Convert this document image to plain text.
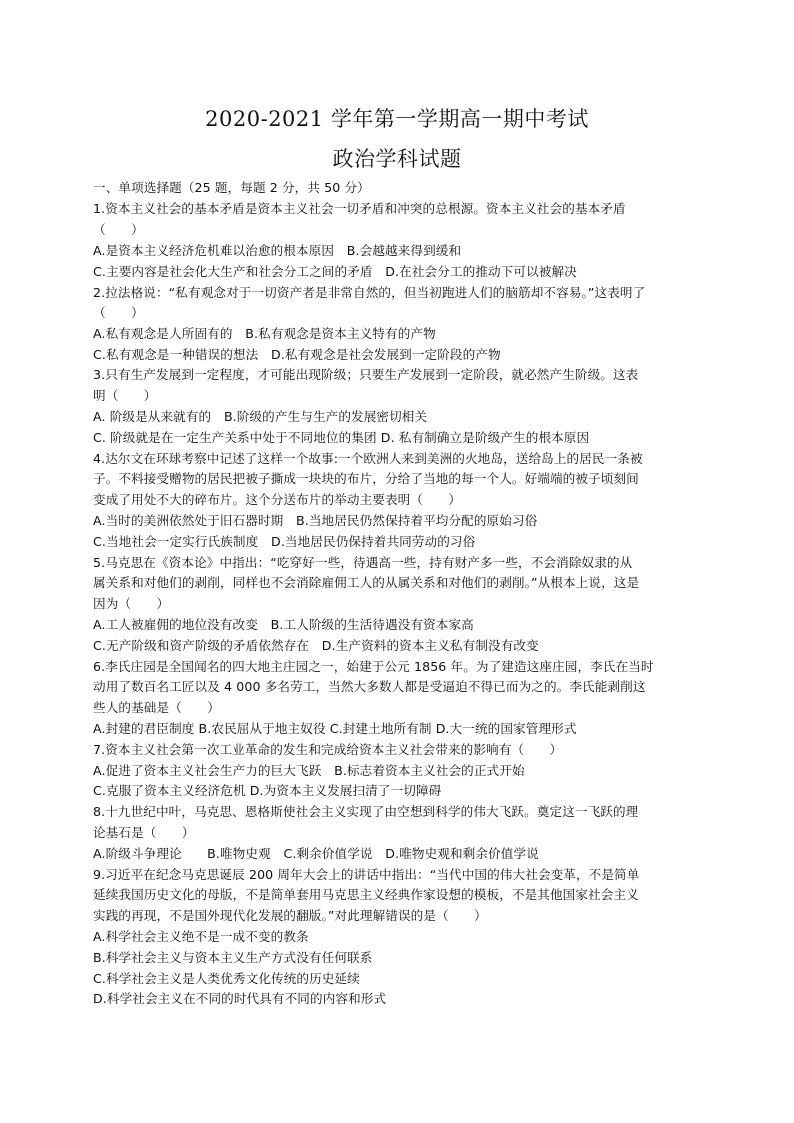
2020-2021 学年第一学期高一期中考试
政治学科试题
一、单项选择题（25 题，每题 2 分，共 50 分）
1.资本主义社会的基本矛盾是资本主义社会一切矛盾和冲突的总根源。资本主义社会的基本矛盾
（　　）
A.是资本主义经济危机难以治愈的根本原因　B.会越越来得到缓和
C.主要内容是社会化大生产和社会分工之间的矛盾　D.在社会分工的推动下可以被解决
2.拉法格说：“私有观念对于一切资产者是非常自然的，但当初跑进人们的脑筋却不容易。”这表明了
（　　）
A.私有观念是人所固有的　B.私有观念是资本主义特有的产物
C.私有观念是一种错误的想法　D.私有观念是社会发展到一定阶段的产物
3.只有生产发展到一定程度，才可能出现阶级；只要生产发展到一定阶段，就必然产生阶级。这表
明（　　）
A. 阶级是从来就有的　B.阶级的产生与生产的发展密切相关
C. 阶级就是在一定生产关系中处于不同地位的集团 D. 私有制确立是阶级产生的根本原因
4.达尔文在环球考察中记述了这样一个故事:一个欧洲人来到美洲的火地岛，送给岛上的居民一条被
子。不料接受赠物的居民把被子撕成一块块的布片，分给了当地的每一个人。好端端的被子顷刻间
变成了用处不大的碎布片。这个分送布片的举动主要表明（　　）
A.当时的美洲依然处于旧石器时期　B.当地居民仍然保持着平均分配的原始习俗
C.当地社会一定实行氏族制度　D.当地居民仍保持着共同劳动的习俗
5.马克思在《资本论》中指出：“吃穿好一些，待遇高一些，持有财产多一些，不会消除奴隶的从
属关系和对他们的剥削，同样也不会消除雇佣工人的从属关系和对他们的剥削。”从根本上说，这是
因为（　　）
A.工人被雇佣的地位没有改变　B.工人阶级的生活待遇没有资本家高
C.无产阶级和资产阶级的矛盾依然存在　D.生产资料的资本主义私有制没有改变
6.李氏庄园是全国闻名的四大地主庄园之一，始建于公元 1856 年。为了建造这座庄园，李氏在当时
动用了数百名工匠以及 4 000 多名劳工，当然大多数人都是受逼迫不得已而为之的。李氏能剥削这
些人的基础是（　　）
A.封建的君臣制度 B.农民屈从于地主奴役 C.封建土地所有制 D.大一统的国家管理形式
7.资本主义社会第一次工业革命的发生和完成给资本主义社会带来的影响有（　　）
A.促进了资本主义社会生产力的巨大飞跃　B.标志着资本主义社会的正式开始
C.克服了资本主义经济危机 D.为资本主义发展扫清了一切障碍
8.十九世纪中叶，马克思、恩格斯使社会主义实现了由空想到科学的伟大飞跃。奠定这一飞跃的理
论基石是（　　）
A.阶级斗争理论　　B.唯物史观　C.剩余价值学说　D.唯物史观和剩余价值学说
9.习近平在纪念马克思诞辰 200 周年大会上的讲话中指出：“当代中国的伟大社会变革，不是简单
延续我国历史文化的母版，不是简单套用马克思主义经典作家设想的模板，不是其他国家社会主义
实践的再现，不是国外现代化发展的翻版。”对此理解错误的是（　　）
A.科学社会主义绝不是一成不变的教条
B.科学社会主义与资本主义生产方式没有任何联系
C.科学社会主义是人类优秀文化传统的历史延续
D.科学社会主义在不同的时代具有不同的内容和形式
